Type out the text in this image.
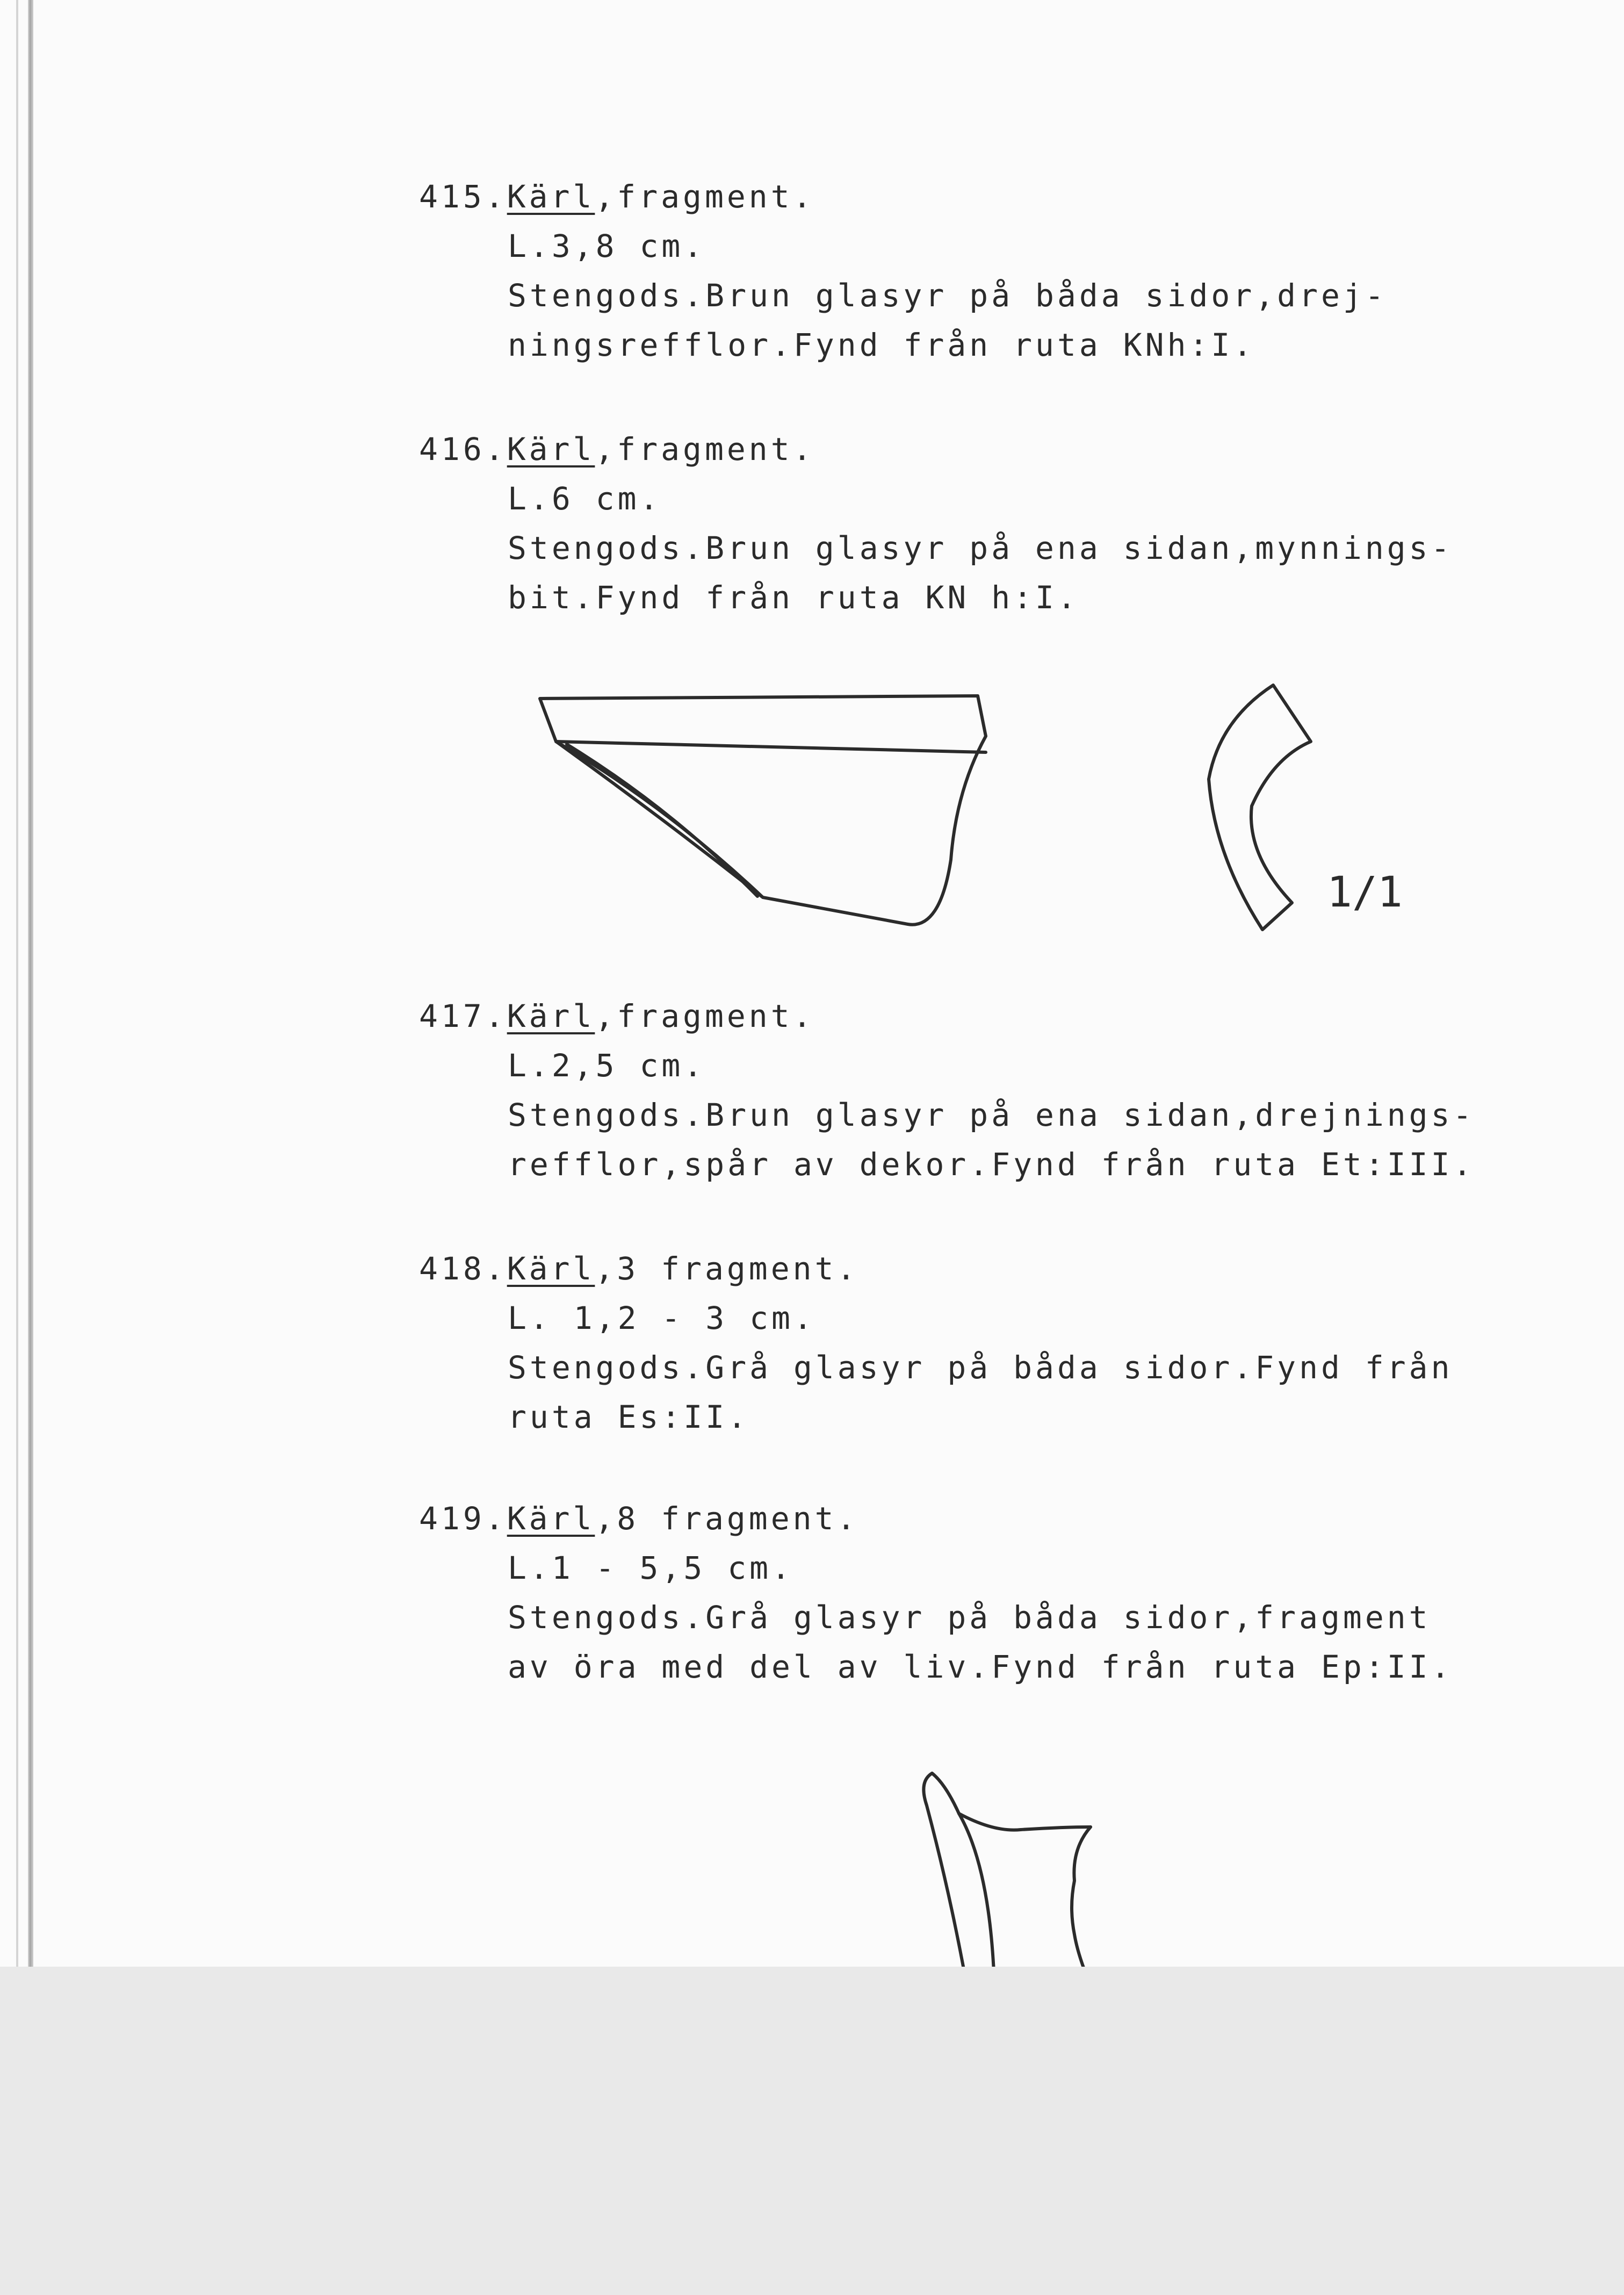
415.Kärl,fragment.
L.3,8 cm.
Stengods.Brun glasyr på båda sidor,drej-
ningsrefflor.Fynd från ruta KNh:I.
416.Kärl,fragment.
L.6 cm.
Stengods.Brun glasyr på ena sidan,mynnings-
bit.Fynd från ruta KN h:I.
1/1
417.Kärl,fragment.
L.2,5 cm.
Stengods.Brun glasyr på ena sidan,drejnings-
refflor,spår av dekor.Fynd från ruta Et:III.
418.Kärl,3 fragment.
L. 1,2 - 3 cm.
Stengods.Grå glasyr på båda sidor.Fynd från
ruta Es:II.
419.Kärl,8 fragment.
L.1 - 5,5 cm.
Stengods.Grå glasyr på båda sidor,fragment
av öra med del av liv.Fynd från ruta Ep:II.
